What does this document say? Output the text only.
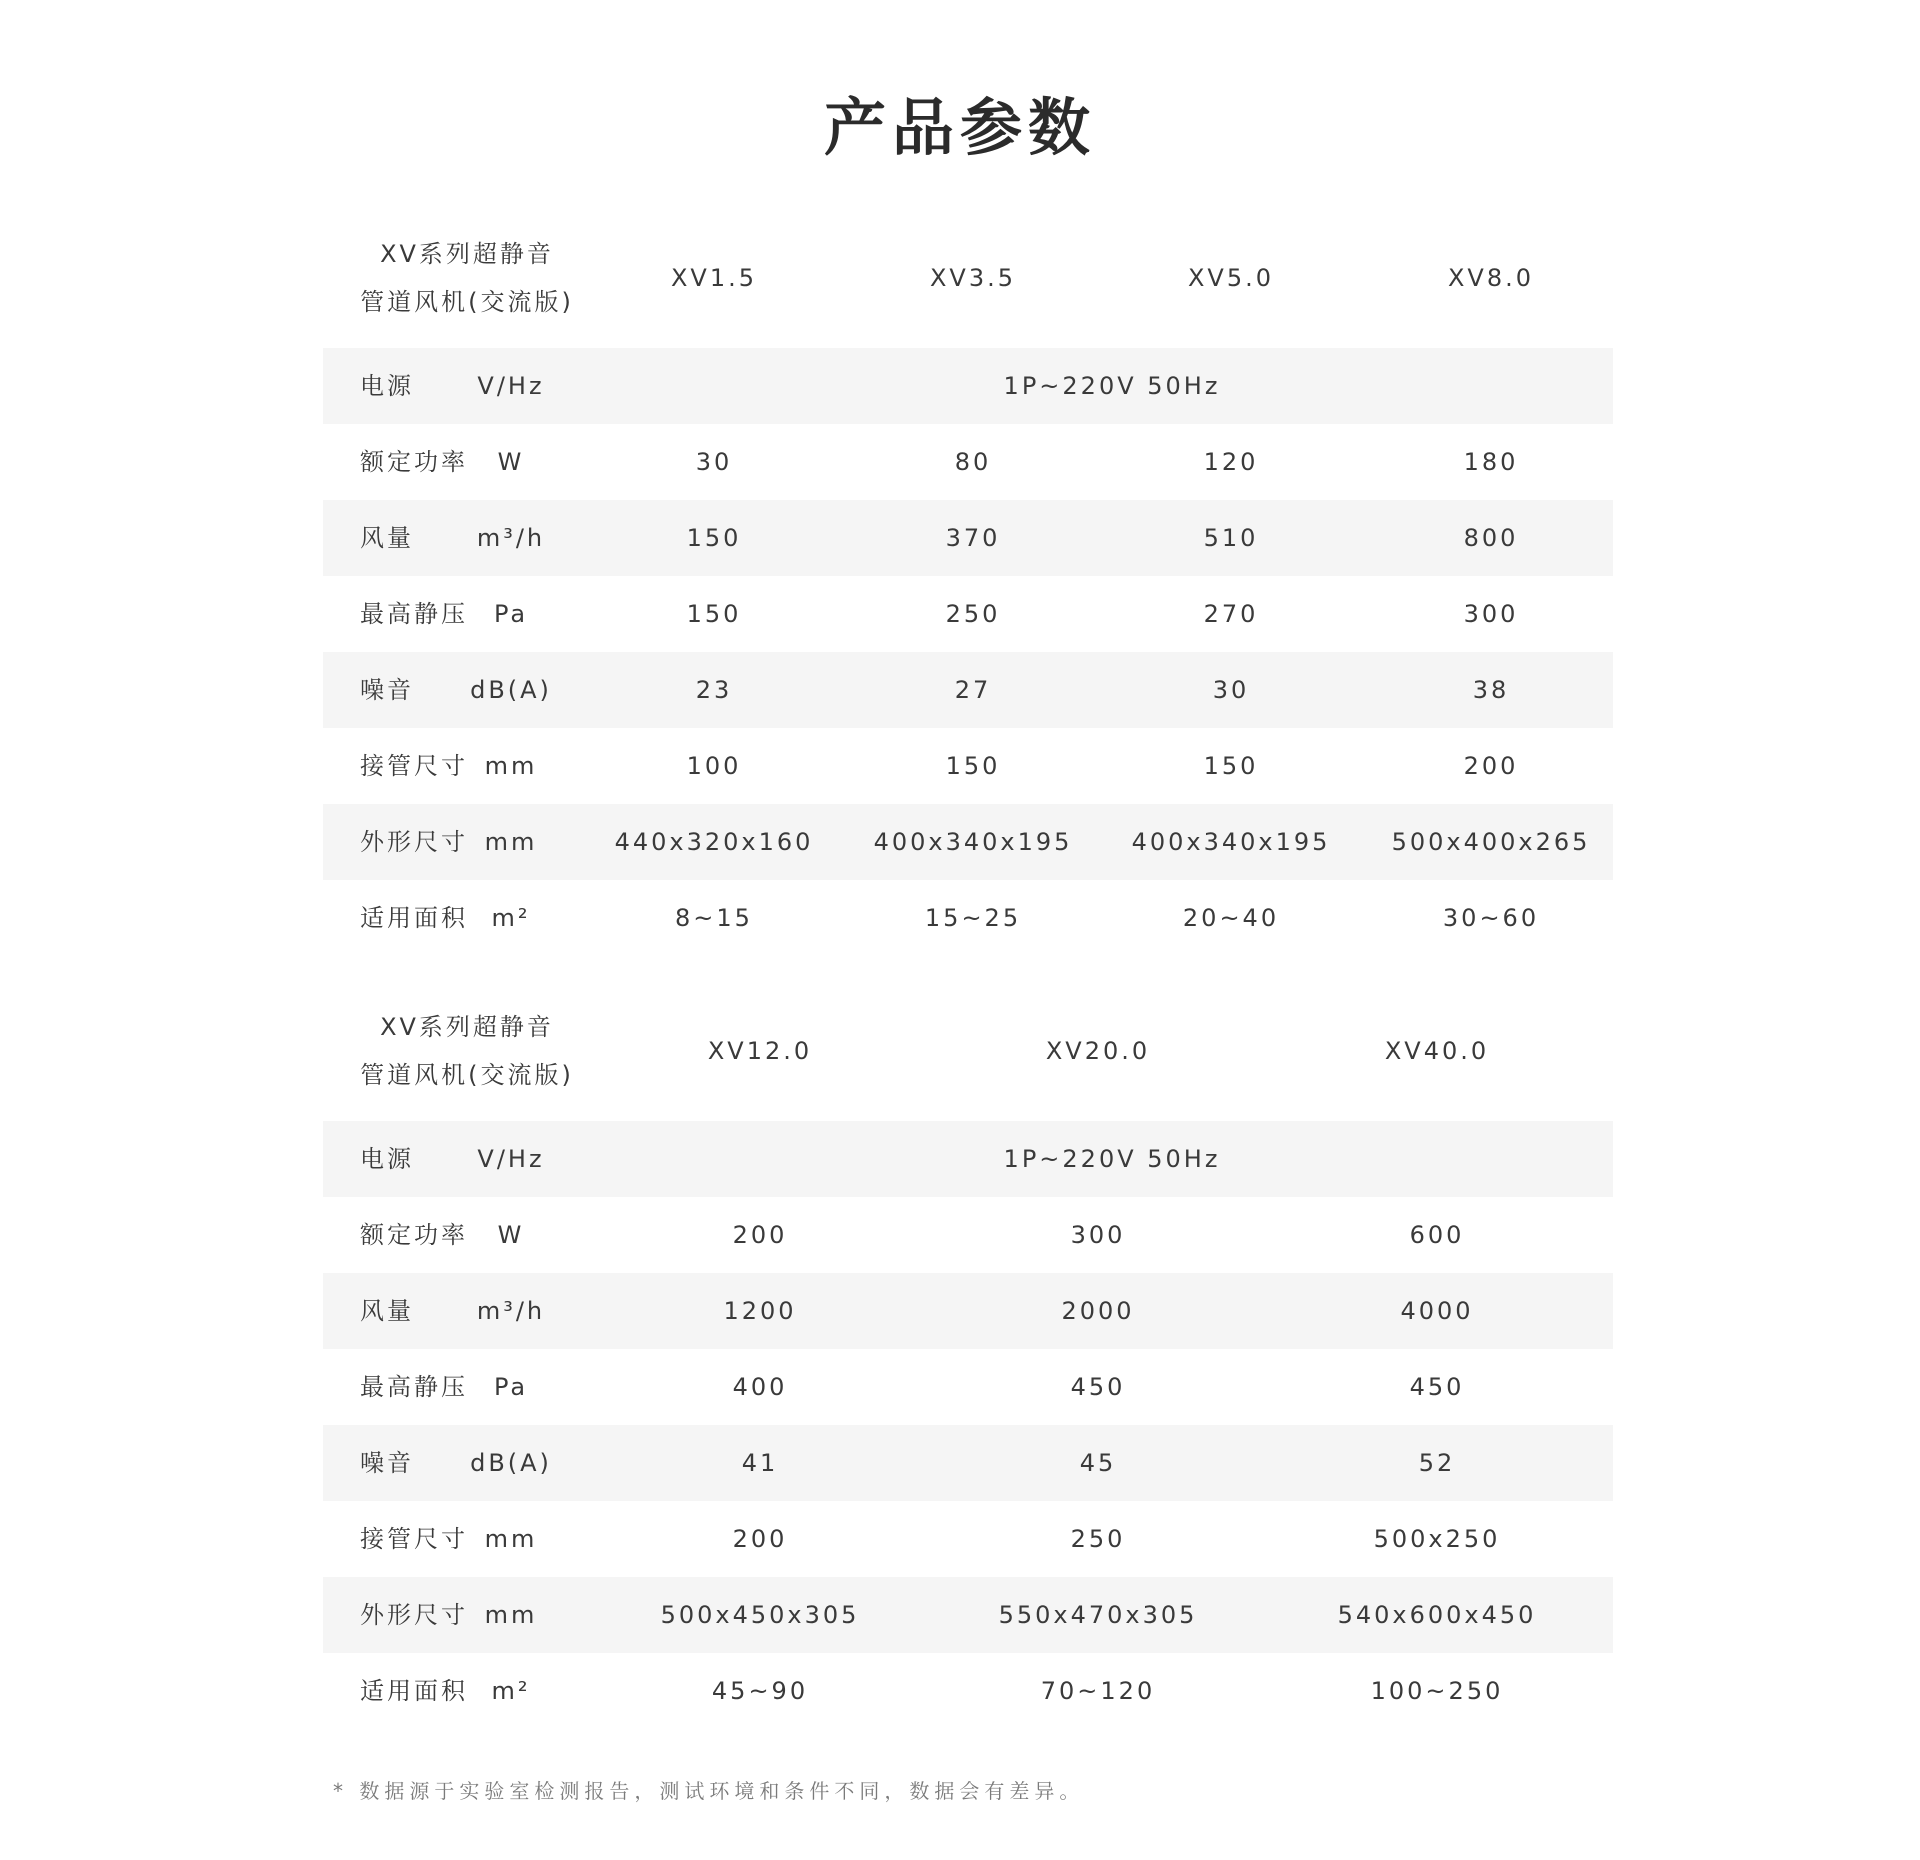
产品参数
XV系列超静音
管道风机(交流版)
XV1.5	XV3.5	XV5.0	XV8.0
电源	V/Hz	1P~220V 50Hz
额定功率	W	30	80	120	180
风量	m³/h	150	370	510	800
最高静压	Pa	150	250	270	300
噪音	dB(A)	23	27	30	38
接管尺寸 mm	100	150	150	200
外形尺寸 mm	440x320x160	400x340x195	400x340x195	500x400x265
适用面积 m²	8~15	15~25	20~40	30~60
XV系列超静音
管道风机(交流版)
XV12.0	XV20.0	XV40.0
电源	V/Hz	1P~220V 50Hz
额定功率	W	200	300	600
风量	m³/h	1200	2000	4000
最高静压	Pa	400	450	450
噪音	dB(A)	41	45	52
接管尺寸 mm	200	250	500x250
外形尺寸 mm	500x450x305	550x470x305	540x600x450
适用面积 m²	45~90	70~120	100~250
* 数据源于实验室检测报告，测试环境和条件不同，数据会有差异。
